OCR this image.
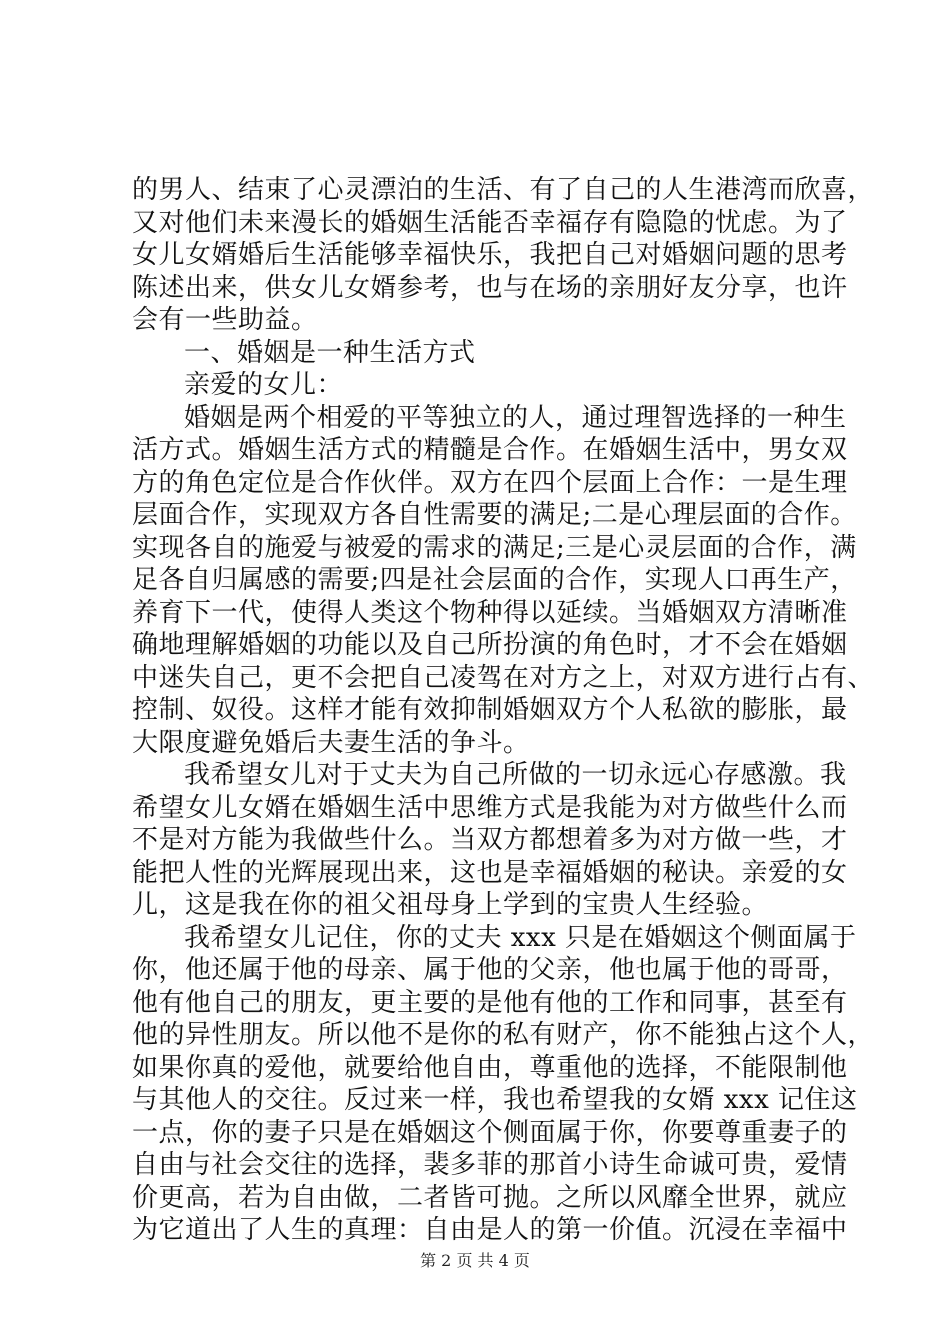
的男人、结束了心灵漂泊的生活、有了自己的人生港湾而欣喜，
又对他们未来漫长的婚姻生活能否幸福存有隐隐的忧虑。为了
女儿女婿婚后生活能够幸福快乐，我把自己对婚姻问题的思考
陈述出来，供女儿女婿参考，也与在场的亲朋好友分享，也许
会有一些助益。
一、婚姻是一种生活方式
亲爱的女儿：
婚姻是两个相爱的平等独立的人，通过理智选择的一种生
活方式。婚姻生活方式的精髓是合作。在婚姻生活中，男女双
方的角色定位是合作伙伴。双方在四个层面上合作：一是生理
层面合作，实现双方各自性需要的满足;二是心理层面的合作。
实现各自的施爱与被爱的需求的满足;三是心灵层面的合作，满
足各自归属感的需要;四是社会层面的合作，实现人口再生产，
养育下一代，使得人类这个物种得以延续。当婚姻双方清晰准
确地理解婚姻的功能以及自己所扮演的角色时，才不会在婚姻
中迷失自己，更不会把自己凌驾在对方之上，对双方进行占有、
控制、奴役。这样才能有效抑制婚姻双方个人私欲的膨胀，最
大限度避免婚后夫妻生活的争斗。
我希望女儿对于丈夫为自己所做的一切永远心存感激。我
希望女儿女婿在婚姻生活中思维方式是我能为对方做些什么而
不是对方能为我做些什么。当双方都想着多为对方做一些，才
能把人性的光辉展现出来，这也是幸福婚姻的秘诀。亲爱的女
儿，这是我在你的祖父祖母身上学到的宝贵人生经验。
我希望女儿记住，你的丈夫 xxx 只是在婚姻这个侧面属于
你，他还属于他的母亲、属于他的父亲，他也属于他的哥哥，
他有他自己的朋友，更主要的是他有他的工作和同事，甚至有
他的异性朋友。所以他不是你的私有财产，你不能独占这个人，
如果你真的爱他，就要给他自由，尊重他的选择，不能限制他
与其他人的交往。反过来一样，我也希望我的女婿 xxx 记住这
一点，你的妻子只是在婚姻这个侧面属于你，你要尊重妻子的
自由与社会交往的选择，裴多菲的那首小诗生命诚可贵，爱情
价更高，若为自由做，二者皆可抛。之所以风靡全世界，就应
为它道出了人生的真理：自由是人的第一价值。沉浸在幸福中
第 2 页 共 4 页
